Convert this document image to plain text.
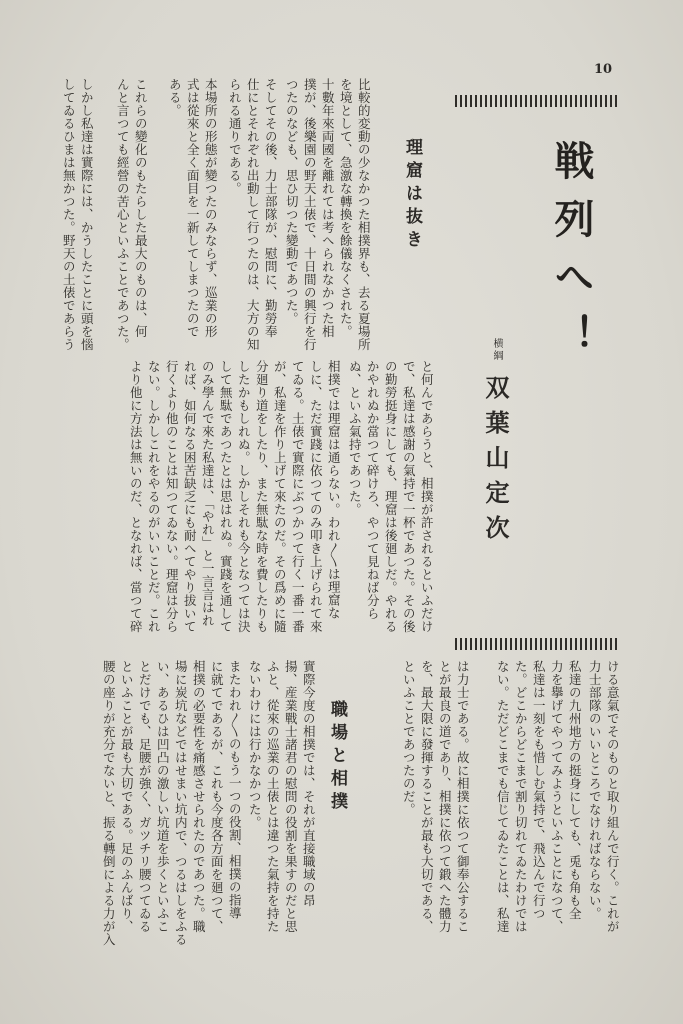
10
戦列へ！
横綱
双葉山定次
理窟は抜き
職場と相撲
比較的変動の少なかつた相撲界も、去る夏場所
を境として、急激な轉換を餘儀なくされた。
十數年來両國を離れては考へられなかつた相
撲が、後樂園の野天土俵で、十日間の興行を行
つたのなども、思ひ切つた變動であつた。
そしてその後、力士部隊が、慰問に、勤勞奉
仕にとそれぞれ出動して行つたのは、大方の知
られる通りである。
本場所の形態が變つたのみならず、巡業の形
式は從來と全く面目を一新してしまつたので
ある。
これらの變化のもたらした最大のものは、何
んと言つても經營の苦心といふことであつた。
しかし私達は實際には、かうしたことに頭を惱
してゐるひまは無かつた。野天の土俵であらう
と何んであらうと、相撲が許されるといふだけ
で、私達は感謝の氣持で一杯であつた。その後
の勤勞挺身にしても、理窟は後廻しだ。やれる
かやれぬか當つて碎けろ、やつて見ねば分ら
ぬ、といふ氣持であつた。
相撲では理窟は通らない。われ〳〵は理窟な
しに、ただ實踐に依つてのみ叩き上げられて來
てゐる。土俵で實際にぶつかつて行く一番一番
が、私達を作り上げて來たのだ。その爲めに隨
分廻り道をしたり、また無駄な時を費したりも
したかもしれぬ。しかしそれも今となつては決
して無駄であつたとは思はれぬ。實踐を通して
のみ學んで來た私達は、「やれ」と一言言はれ
れば、如何なる困苦缺乏にも耐へてやり拔いて
行くより他のことは知つてゐない。理窟は分ら
ない。しかしこれをやるのがいいことだ。これ
より他に方法は無いのだ、となれば、當つて碎
ける意氣でそのものと取り組んで行く。これが
力士部隊のいいところでなければならない。
私達の九州地方の挺身にしても、兎も角も全
力を擧げてやつてみようといふことになつて、
私達は一刻をも惜しむ氣持で、飛込んで行つ
た。どこからどこまで割り切れてゐたわけでは
ない。ただどこまでも信じてゐたことは、私達
は力士である。故に相撲に依つて御奉公するこ
とが最良の道であり、相撲に依つて鍛へた體力
を、最大限に發揮することが最も大切である、
といふことであつたのだ。
實際今度の相撲では、それが直接職域の昂
揚、産業戰士諸君の慰問の役割を果すのだと思
ふと、從來の巡業の土俵とは違つた氣持を持た
ないわけには行かなかつた。
またわれ〳〵のもう一つの役割、相撲の指導
に就てであるが、これも今度各方面を廻つて、
相撲の必要性を痛感させられたのであつた。職
場に炭坑などではせまい坑内で、つるはしをふる
い、あるひは凹凸の激しい坑道を歩くといふこ
とだけでも、足腰が強く、ガツチリ腰つてゐる
といふことが最も大切である。足のふんばり、
腰の座りが充分でないと、振る轉倒による力が入
